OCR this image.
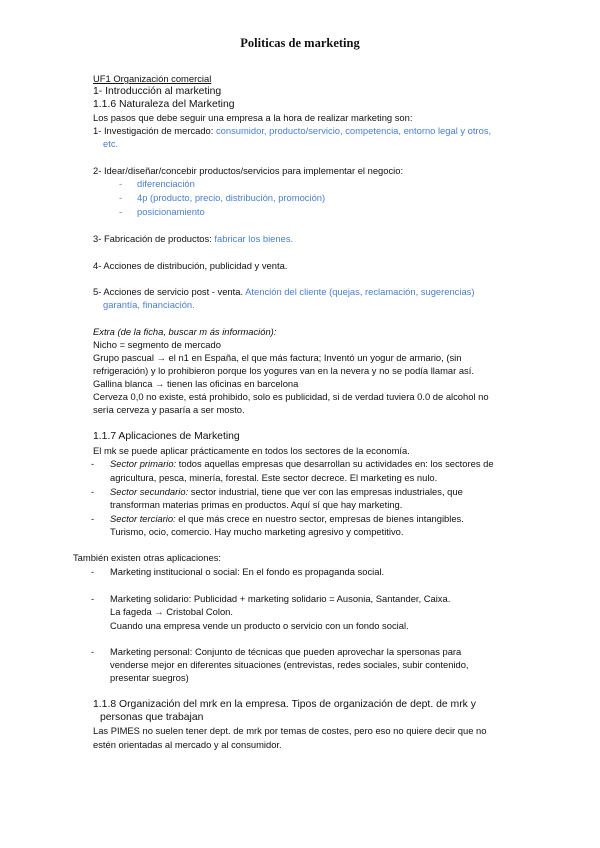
Politicas de marketing
UF1 Organización comercial
1- Introducción al marketing
1.1.6 Naturaleza del Marketing
Los pasos que debe seguir una empresa a la hora de realizar marketing son:
1- Investigación de mercado: consumidor, producto/servicio, competencia, entorno legal y otros,
etc.
2- Idear/diseñar/concebir productos/servicios para implementar el negocio:
- diferenciación
- 4p (producto, precio, distribución, promoción)
- posicionamiento
3- Fabricación de productos: fabricar los bienes.
4- Acciones de distribución, publicidad y venta.
5- Acciones de servicio post - venta. Atención del cliente (quejas, reclamación, sugerencias)
garantía, financiación.
Extra (de la ficha, buscar m ás información):
Nicho = segmento de mercado
Grupo pascual → el n1 en España, el que más factura; Inventó un yogur de armario, (sin
refrigeración) y lo prohibieron porque los yogures van en la nevera y no se podía llamar así.
Gallina blanca → tienen las oficinas en barcelona
Cerveza 0,0 no existe, está prohibido, solo es publicidad, si de verdad tuviera 0.0 de alcohol no
sería cerveza y pasaría a ser mosto.
1.1.7 Aplicaciones de Marketing
El mk se puede aplicar prácticamente en todos los sectores de la economía.
- Sector primario: todos aquellas empresas que desarrollan su actividades en: los sectores de
agricultura, pesca, minería, forestal. Este sector decrece. El marketing es nulo.
- Sector secundario: sector industrial, tiene que ver con las empresas industriales, que
transforman materias primas en productos. Aquí sí que hay marketing.
- Sector terciario: el que más crece en nuestro sector, empresas de bienes intangibles.
Turismo, ocio, comercio. Hay mucho marketing agresivo y competitivo.
También existen otras aplicaciones:
- Marketing institucional o social: En el fondo es propaganda social.
- Marketing solidario: Publicidad + marketing solidario = Ausonia, Santander, Caixa.
La fageda → Cristobal Colon.
Cuando una empresa vende un producto o servicio con un fondo social.
- Marketing personal: Conjunto de técnicas que pueden aprovechar la spersonas para
venderse mejor en diferentes situaciones (entrevistas, redes sociales, subir contenido,
presentar suegros)
1.1.8 Organización del mrk en la empresa. Tipos de organización de dept. de mrk y
personas que trabajan
Las PIMES no suelen tener dept. de mrk por temas de costes, pero eso no quiere decir que no
estén orientadas al mercado y al consumidor.
